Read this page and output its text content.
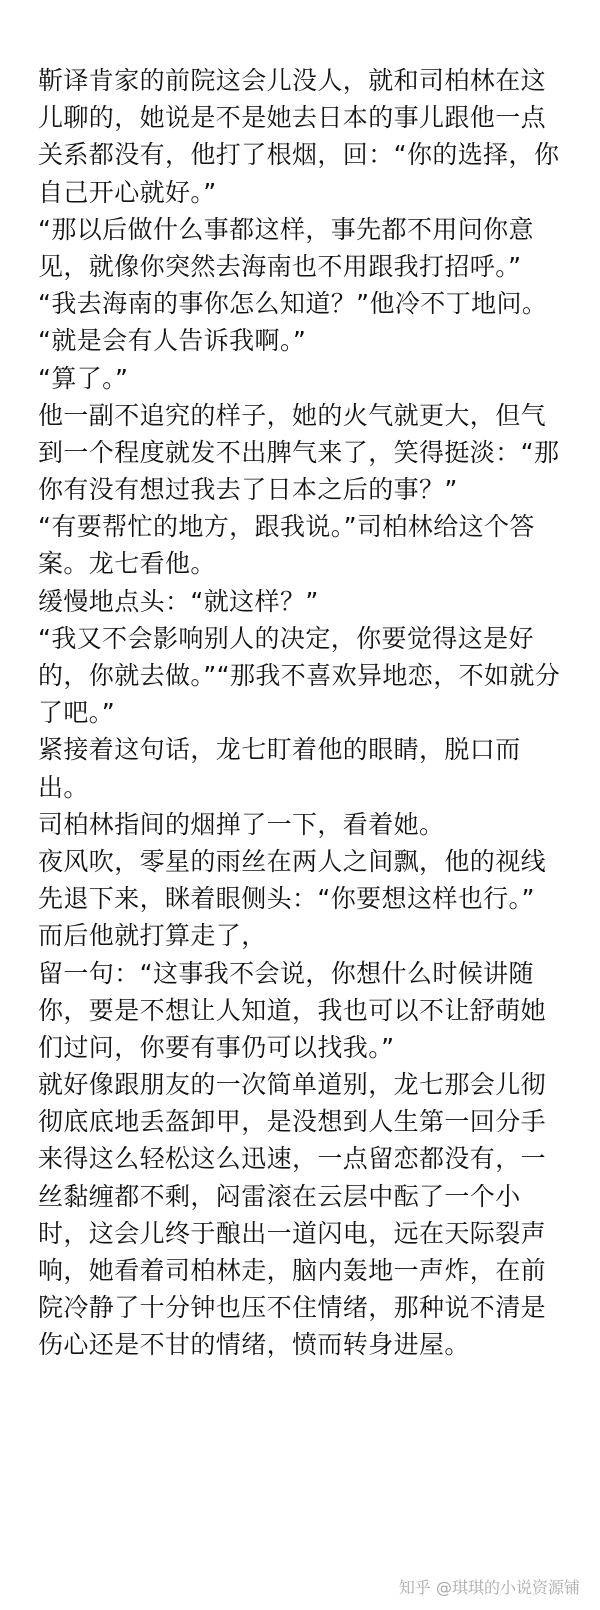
靳译肯家的前院这会儿没人，就和司柏林在这
儿聊的，她说是不是她去日本的事儿跟他一点
关系都没有，他打了根烟，回：“你的选择，你
自己开心就好。”
“那以后做什么事都这样，事先都不用问你意
见，就像你突然去海南也不用跟我打招呼。”
“我去海南的事你怎么知道？”他冷不丁地问。
“就是会有人告诉我啊。”
“算了。”
他一副不追究的样子，她的火气就更大，但气
到一个程度就发不出脾气来了，笑得挺淡：“那
你有没有想过我去了日本之后的事？”
“有要帮忙的地方，跟我说。”司柏林给这个答
案。龙七看他。
缓慢地点头：“就这样？”
“我又不会影响别人的决定，你要觉得这是好
的，你就去做。”“那我不喜欢异地恋，不如就分
了吧。”
紧接着这句话，龙七盯着他的眼睛，脱口而
出。
司柏林指间的烟掸了一下，看着她。
夜风吹，零星的雨丝在两人之间飘，他的视线
先退下来，眯着眼侧头：“你要想这样也行。”
而后他就打算走了，
留一句：“这事我不会说，你想什么时候讲随
你，要是不想让人知道，我也可以不让舒萌她
们过问，你要有事仍可以找我。”
就好像跟朋友的一次简单道别，龙七那会儿彻
彻底底地丢盔卸甲，是没想到人生第一回分手
来得这么轻松这么迅速，一点留恋都没有，一
丝黏缠都不剩，闷雷滚在云层中酝了一个小
时，这会儿终于酿出一道闪电，远在天际裂声
响，她看着司柏林走，脑内轰地一声炸，在前
院冷静了十分钟也压不住情绪，那种说不清是
伤心还是不甘的情绪，愤而转身进屋。
知乎 @琪琪的小说资源铺
